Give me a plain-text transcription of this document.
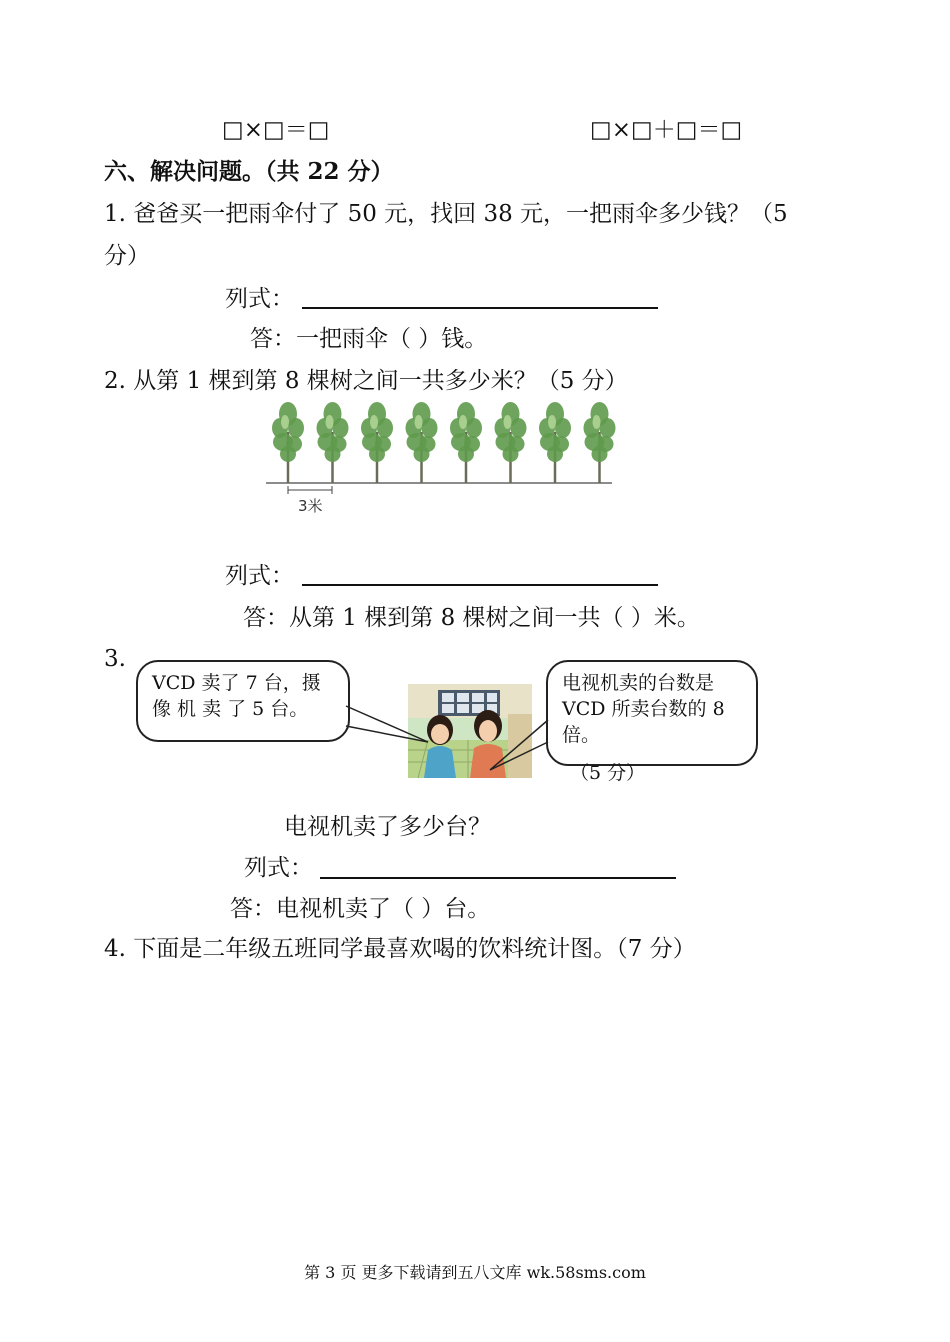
□×□＝□	□×□＋□＝□
六、解决问题。（共 22 分）
1. 爸爸买一把雨伞付了 50 元，找回 38 元，一把雨伞多少钱？（5
分）
列式：
答：一把雨伞（ ）钱。
2. 从第 1 棵到第 8 棵树之间一共多少米？（5 分）
3米
列式：
答：从第 1 棵到第 8 棵树之间一共（ ）米。
3.
VCD 卖了 7 台，摄 像 机 卖 了 5 台。
电视机卖的台数是 VCD 所卖台数的 8 倍。
（5 分）
电视机卖了多少台？
列式：
答：电视机卖了（ ）台。
4. 下面是二年级五班同学最喜欢喝的饮料统计图。（7 分）
第 3 页 更多下载请到五八文库 wk.58sms.com
